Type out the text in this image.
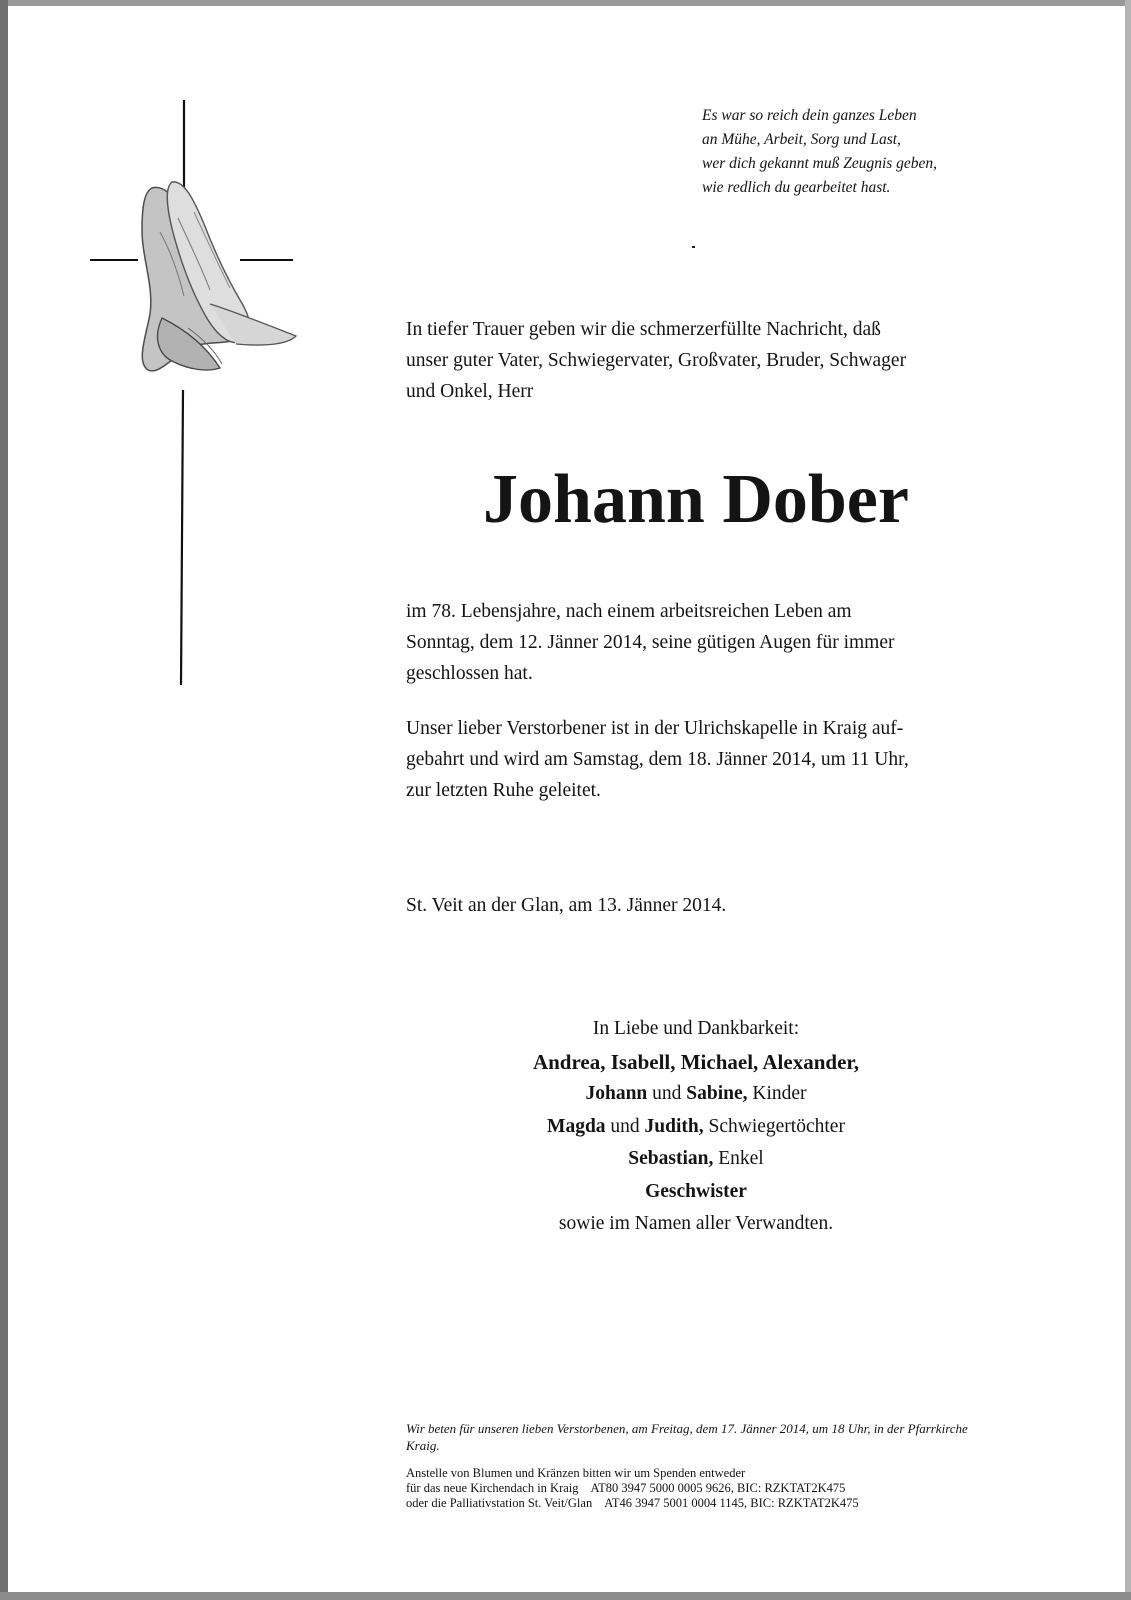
Es war so reich dein ganzes Leben
an Mühe, Arbeit, Sorg und Last,
wer dich gekannt muß Zeugnis geben,
wie redlich du gearbeitet hast.
In tiefer Trauer geben wir die schmerzerfüllte Nachricht, daß
unser guter Vater, Schwiegervater, Großvater, Bruder, Schwager
und Onkel, Herr
Johann Dober
im 78. Lebensjahre, nach einem arbeitsreichen Leben am
Sonntag, dem 12. Jänner 2014, seine gütigen Augen für immer
geschlossen hat.
Unser lieber Verstorbener ist in der Ulrichskapelle in Kraig auf-
gebahrt und wird am Samstag, dem 18. Jänner 2014, um 11 Uhr,
zur letzten Ruhe geleitet.
St. Veit an der Glan, am 13. Jänner 2014.
In Liebe und Dankbarkeit:
Andrea, Isabell, Michael, Alexander,
Johann und Sabine, Kinder
Magda und Judith, Schwiegertöchter
Sebastian, Enkel
Geschwister
sowie im Namen aller Verwandten.
Wir beten für unseren lieben Verstorbenen, am Freitag, dem 17. Jänner 2014, um 18 Uhr, in der Pfarrkirche Kraig.
Anstelle von Blumen und Kränzen bitten wir um Spenden entweder
für das neue Kirchendach in Kraig AT80 3947 5000 0005 9626, BIC: RZKTAT2K475
oder die Palliativstation St. Veit/Glan AT46 3947 5001 0004 1145, BIC: RZKTAT2K475
